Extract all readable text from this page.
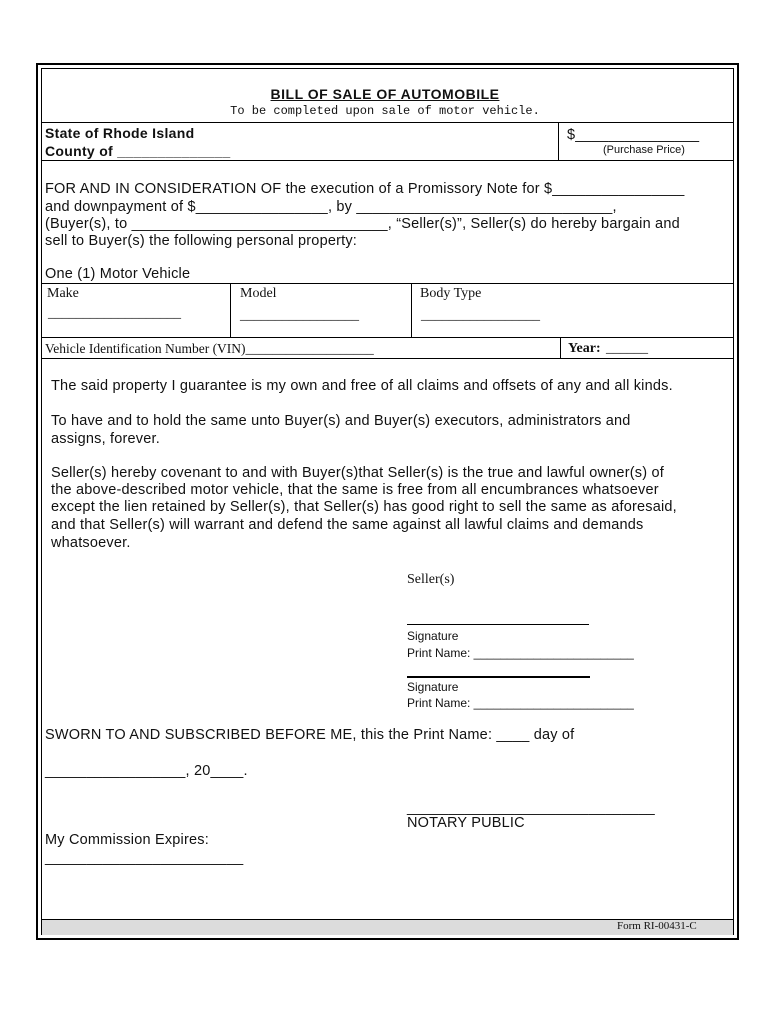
BILL OF SALE OF AUTOMOBILE
To be completed upon sale of motor vehicle.
State of Rhode Island
County of ______________
$_______________
(Purchase Price)
FOR AND IN CONSIDERATION OF the execution of a Promissory Note for $________________
and downpayment of $________________, by _______________________________,
(Buyer(s), to _______________________________, “Seller(s)”, Seller(s) do hereby bargain and
sell to Buyer(s) the following personal property:
One (1) Motor Vehicle
Make
___________________
Model
_________________
Body Type
_________________
Vehicle Identification Number (VIN)___________________	Year: ______
The said property I guarantee is my own and free of all claims and offsets of any and all kinds.
To have and to hold the same unto Buyer(s) and Buyer(s) executors, administrators and
assigns, forever.
Seller(s) hereby covenant to and with Buyer(s)that Seller(s) is the true and lawful owner(s) of
the above-described motor vehicle, that the same is free from all encumbrances whatsoever
except the lien retained by Seller(s), that Seller(s) has good right to sell the same as aforesaid,
and that Seller(s) will warrant and defend the same against all lawful claims and demands
whatsoever.
Seller(s)
Signature
Print Name: ________________________
Signature
Print Name: ________________________
SWORN TO AND SUBSCRIBED BEFORE ME, this the Print Name: ____ day of
_________________, 20____.
______________________________
NOTARY PUBLIC
My Commission Expires:
________________________
Form RI-00431-C
